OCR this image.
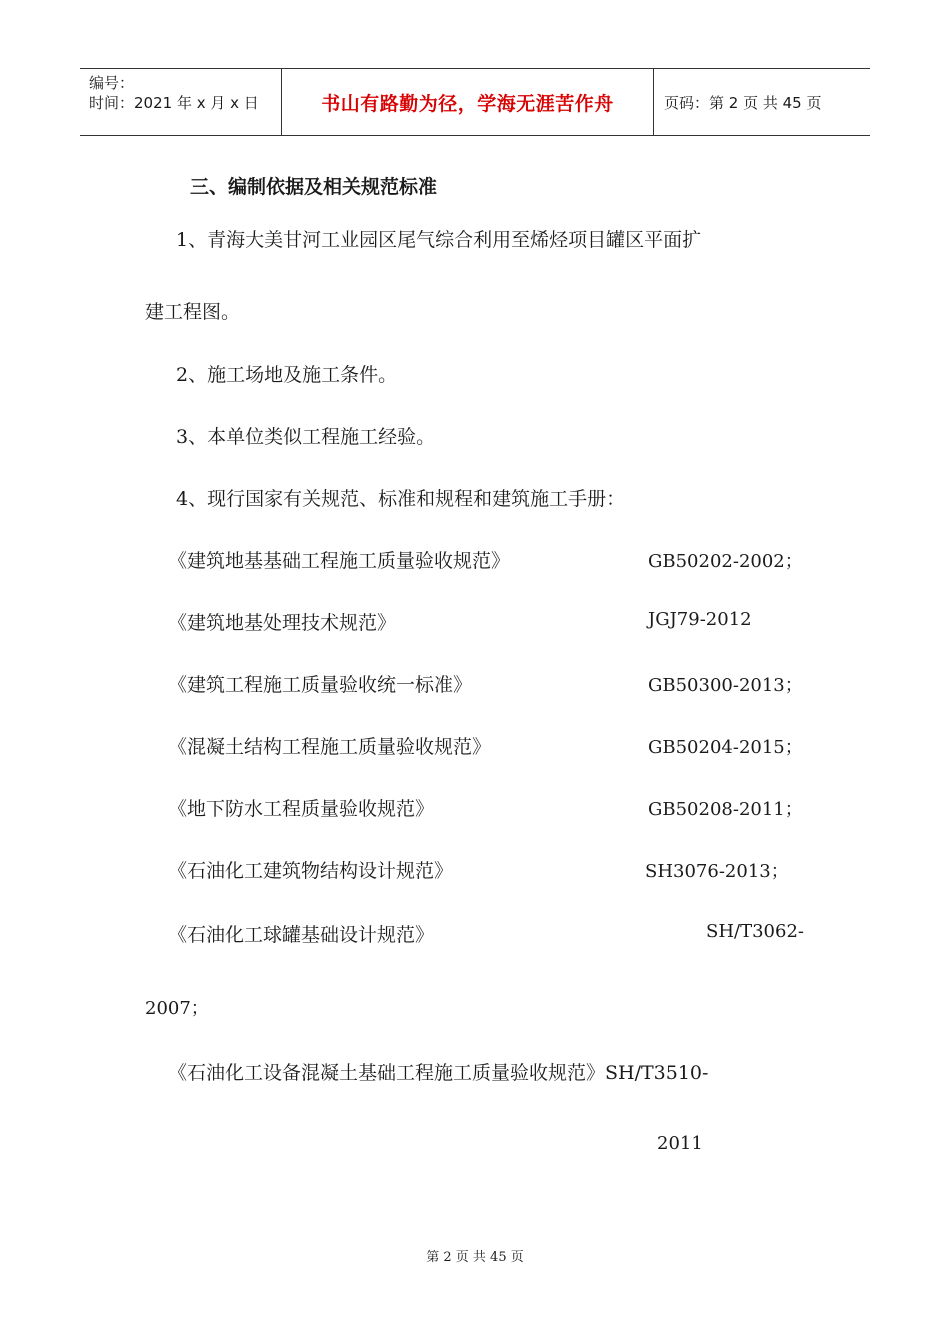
编号：
时间：2021 年 x 月 x 日	书山有路勤为径，学海无涯苦作舟	页码：第 2 页 共 45 页
三、编制依据及相关规范标准
1、青海大美甘河工业园区尾气综合利用至烯烃项目罐区平面扩
建工程图。
2、施工场地及施工条件。
3、本单位类似工程施工经验。
4、现行国家有关规范、标准和规程和建筑施工手册：
《建筑地基基础工程施工质量验收规范》	GB50202-2002；
《建筑地基处理技术规范》	JGJ79-2012
《建筑工程施工质量验收统一标准》	GB50300-2013；
《混凝土结构工程施工质量验收规范》	GB50204-2015；
《地下防水工程质量验收规范》	GB50208-2011；
《石油化工建筑物结构设计规范》	SH3076-2013；
《石油化工球罐基础设计规范》	SH/T3062-
2007；
《石油化工设备混凝土基础工程施工质量验收规范》SH/T3510-
2011
第 2 页 共 45 页
